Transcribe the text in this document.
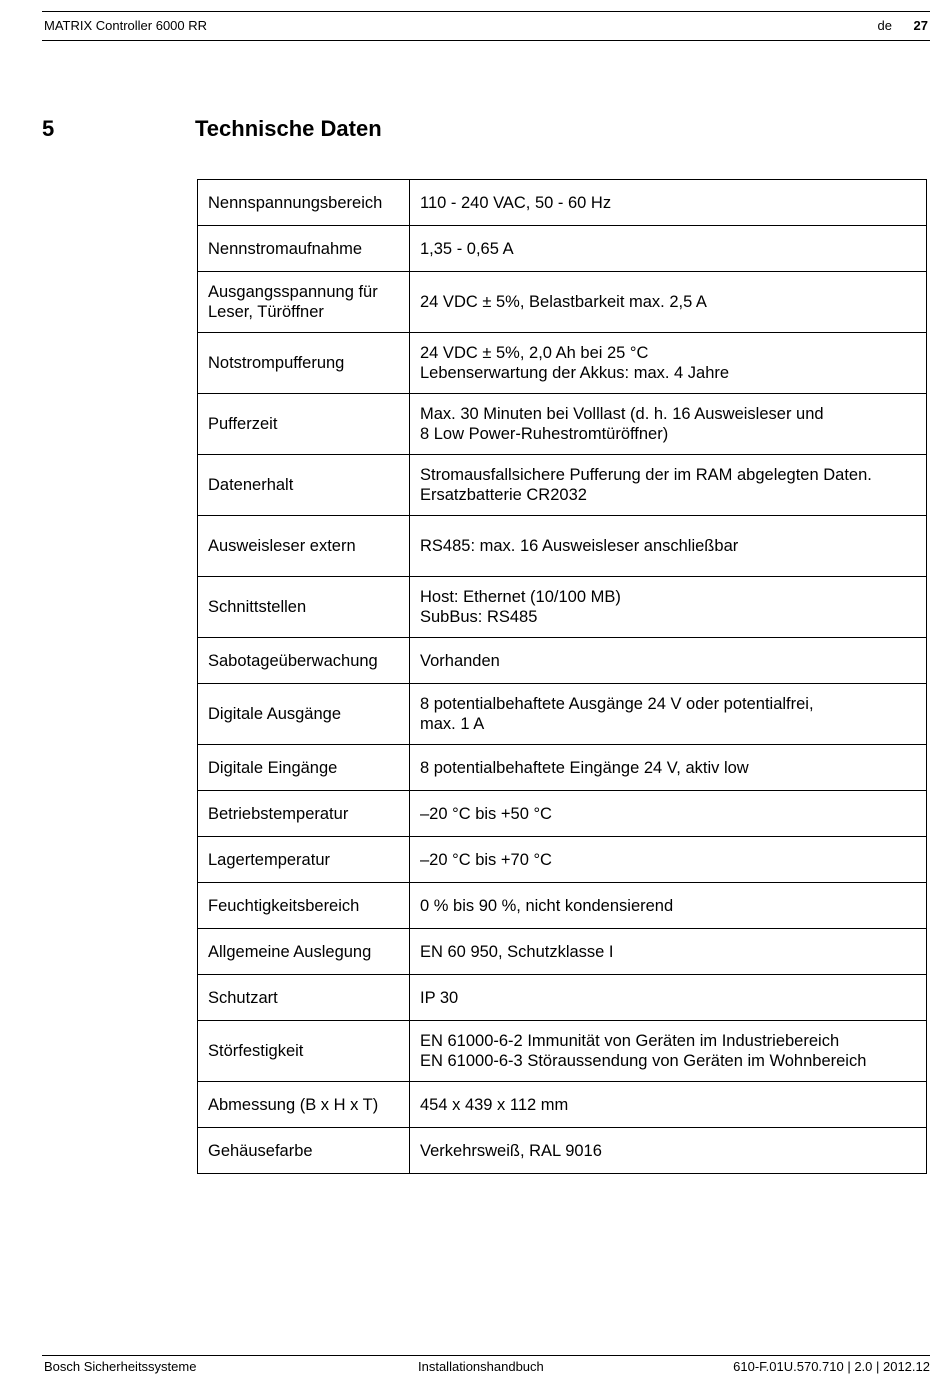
MATRIX Controller 6000 RR	de 27
5	Technische Daten
Nennspannungsbereich	110 - 240 VAC, 50 - 60 Hz
Nennstromaufnahme	1,35 - 0,65 A
Ausgangsspannung für
Leser, Türöffner	24 VDC ± 5%, Belastbarkeit max. 2,5 A
Notstrompufferung	24 VDC ± 5%, 2,0 Ah bei 25 °C
Lebenserwartung der Akkus: max. 4 Jahre
Pufferzeit	Max. 30 Minuten bei Volllast (d. h. 16 Ausweisleser und
8 Low Power-Ruhestromtüröffner)
Datenerhalt	Stromausfallsichere Pufferung der im RAM abgelegten Daten.
Ersatzbatterie CR2032
Ausweisleser extern	RS485: max. 16 Ausweisleser anschließbar
Schnittstellen	Host: Ethernet (10/100 MB)
SubBus: RS485
Sabotageüberwachung	Vorhanden
Digitale Ausgänge	8 potentialbehaftete Ausgänge 24 V oder potentialfrei,
max. 1 A
Digitale Eingänge	8 potentialbehaftete Eingänge 24 V, aktiv low
Betriebstemperatur	–20 °C bis +50 °C
Lagertemperatur	–20 °C bis +70 °C
Feuchtigkeitsbereich	0 % bis 90 %, nicht kondensierend
Allgemeine Auslegung	EN 60 950, Schutzklasse I
Schutzart	IP 30
Störfestigkeit	EN 61000-6-2 Immunität von Geräten im Industriebereich
EN 61000-6-3 Störaussendung von Geräten im Wohnbereich
Abmessung (B x H x T)	454 x 439 x 112 mm
Gehäusefarbe	Verkehrsweiß, RAL 9016
Bosch Sicherheitssysteme	Installationshandbuch	610-F.01U.570.710 | 2.0 | 2012.12
